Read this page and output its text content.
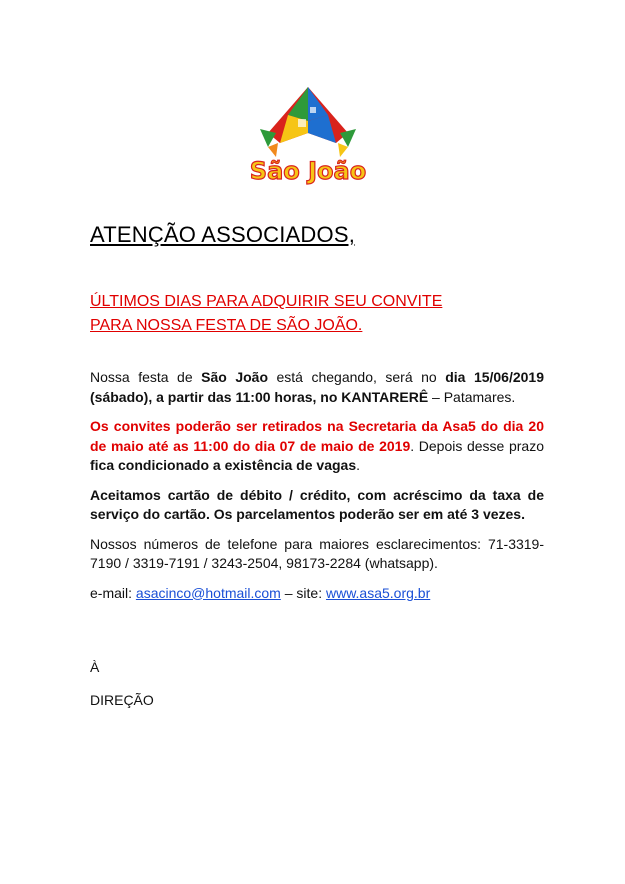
São João
ATENÇÃO ASSOCIADOS,
ÚLTIMOS DIAS PARA ADQUIRIR SEU CONVITE
PARA NOSSA FESTA DE SÃO JOÃO.

Nossa festa de São João está chegando, será no dia 15/06/2019 (sábado), a partir das 11:00 horas, no KANTARERÊ – Patamares.

Os convites poderão ser retirados na Secretaria da Asa5 do dia 20 de maio até as 11:00 do dia 07 de maio de 2019. Depois desse prazo fica condicionado a existência de vagas.

Aceitamos cartão de débito / crédito, com acréscimo da taxa de serviço do cartão. Os parcelamentos poderão ser em até 3 vezes.

Nossos números de telefone para maiores esclarecimentos: 71-3319-7190 / 3319-7191 / 3243-2504, 98173-2284 (whatsapp).

e-mail: asacinco@hotmail.com – site: www.asa5.org.br

À
DIREÇÃO
